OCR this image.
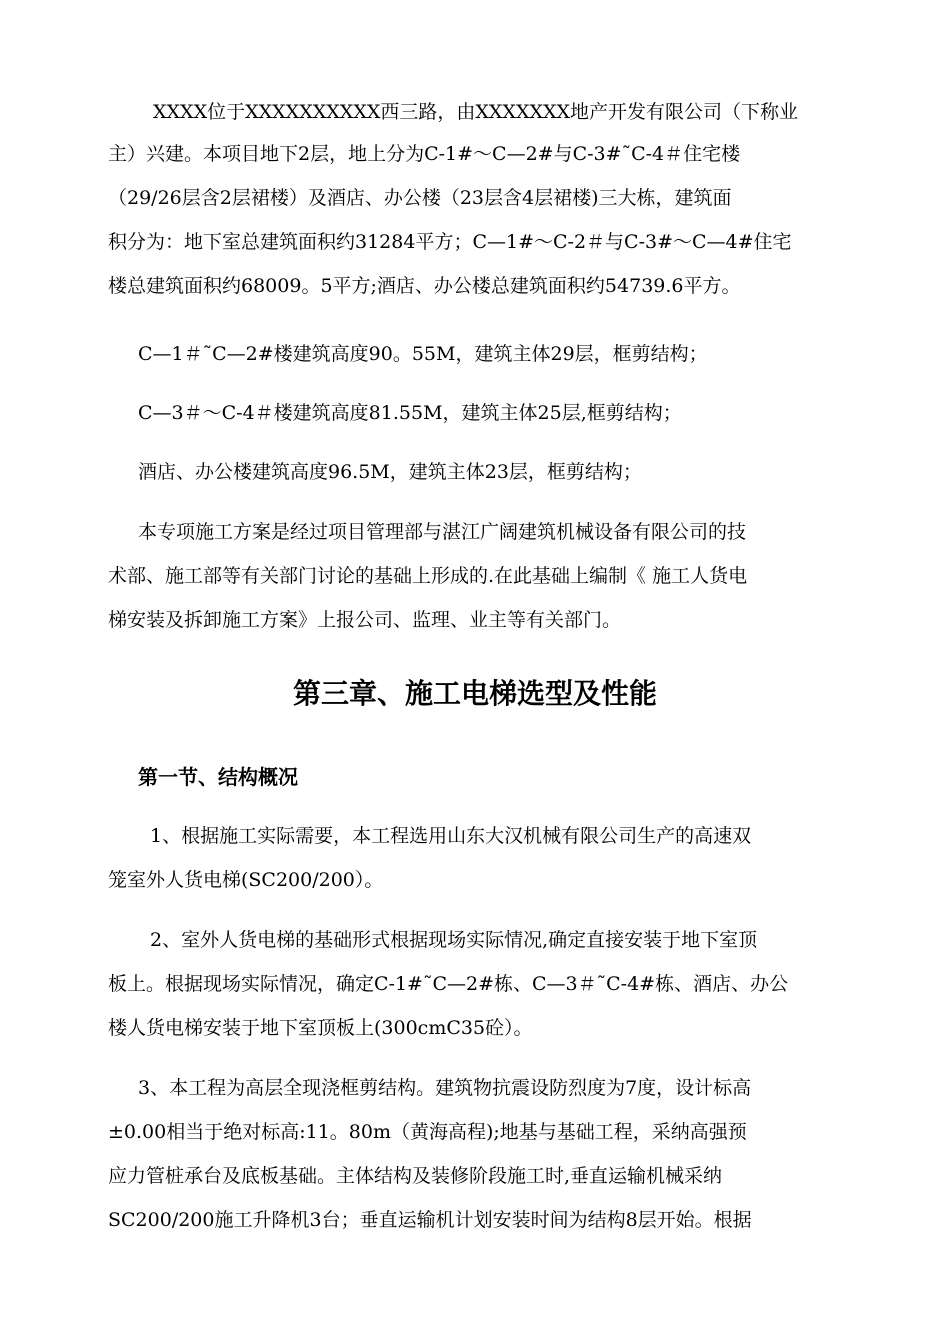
XXXX位于XXXXXXXXXX西三路，由XXXXXXX地产开发有限公司（下称业

主）兴建。本项目地下2层，地上分为C-1#～C—2#与C-3#˜C-4＃住宅楼

（29/26层含2层裙楼）及酒店、办公楼（23层含4层裙楼)三大栋，建筑面

积分为：地下室总建筑面积约31284平方；C—1#～C-2＃与C-3#～C—4#住宅

楼总建筑面积约68009。5平方;酒店、办公楼总建筑面积约54739.6平方。

C—1＃˜C—2#楼建筑高度90。55M，建筑主体29层，框剪结构；

C—3＃～C-4＃楼建筑高度81.55M，建筑主体25层,框剪结构；

酒店、办公楼建筑高度96.5M，建筑主体23层，框剪结构；

本专项施工方案是经过项目管理部与湛江广阔建筑机械设备有限公司的技

术部、施工部等有关部门讨论的基础上形成的.在此基础上编制《 施工人货电

梯安装及拆卸施工方案》上报公司、监理、业主等有关部门。

第三章、施工电梯选型及性能
第一节、结构概况

1、根据施工实际需要，本工程选用山东大汉机械有限公司生产的高速双

笼室外人货电梯(SC200/200）。

2、室外人货电梯的基础形式根据现场实际情况,确定直接安装于地下室顶

板上。根据现场实际情况，确定C-1#˜C—2#栋、C—3＃˜C-4#栋、酒店、办公

楼人货电梯安装于地下室顶板上(300cmC35砼）。

3、本工程为高层全现浇框剪结构。建筑物抗震设防烈度为7度，设计标高

±0.00相当于绝对标高:11。80m（黄海高程);地基与基础工程，采纳高强预

应力管桩承台及底板基础。主体结构及装修阶段施工时,垂直运输机械采纳

SC200/200施工升降机3台；垂直运输机计划安装时间为结构8层开始。根据
